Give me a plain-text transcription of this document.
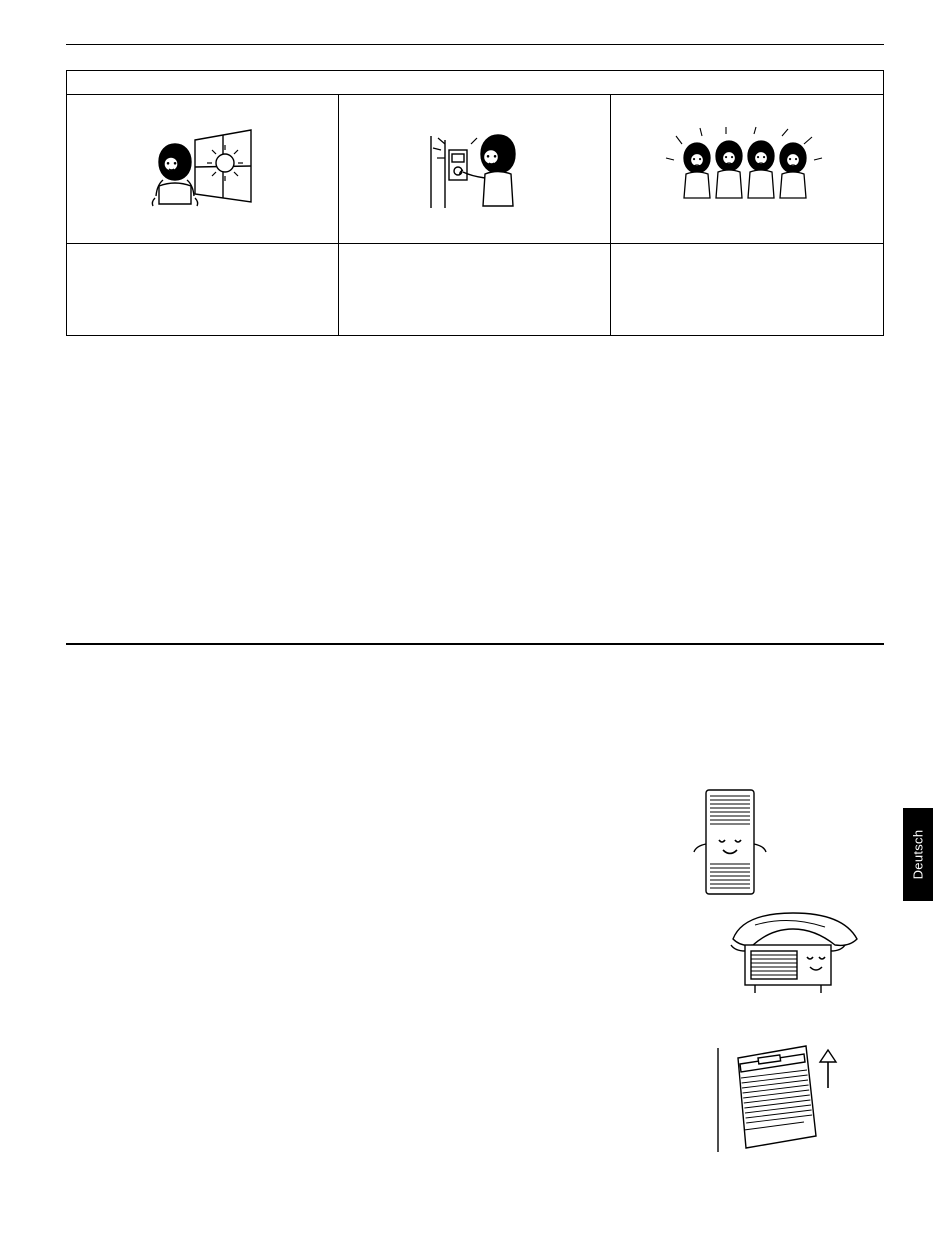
Deutsch
